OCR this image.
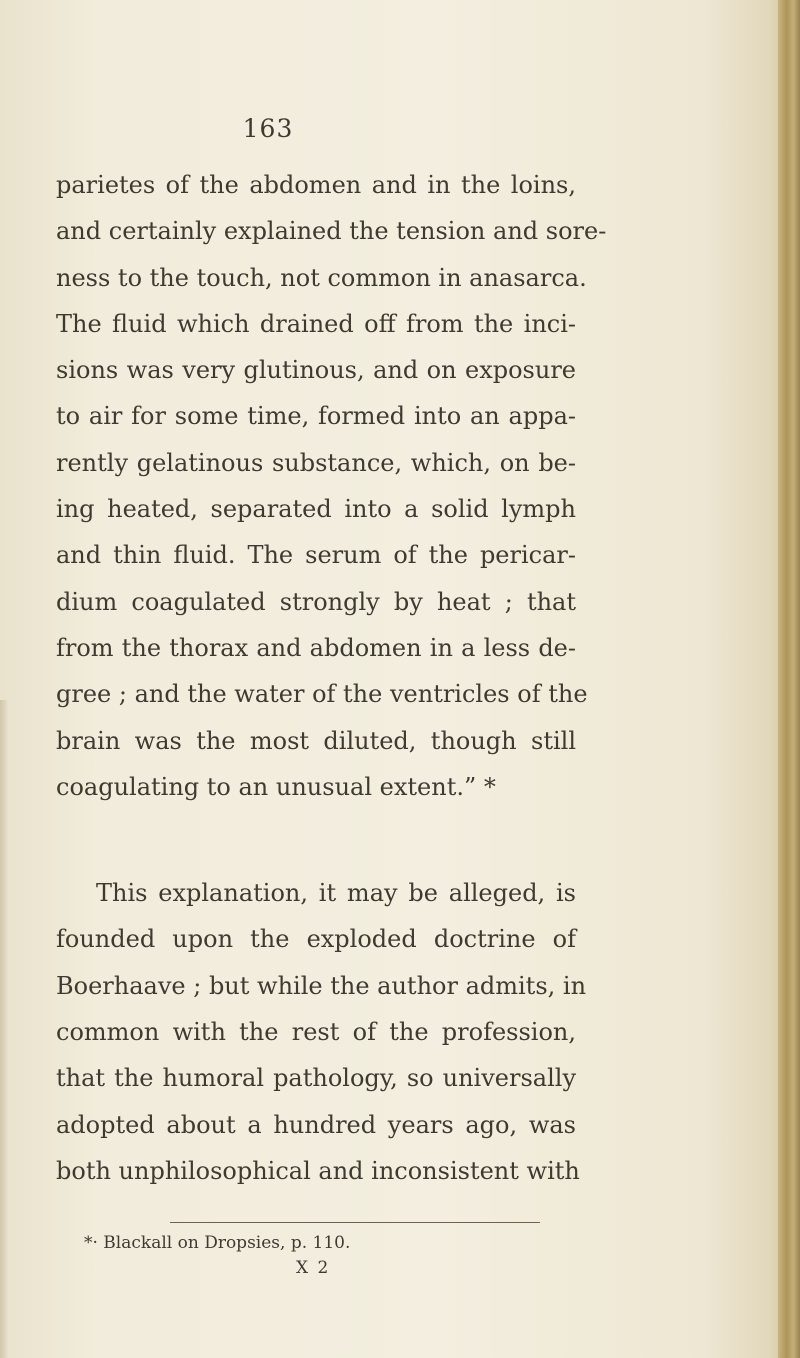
163
parietes of the abdomen and in the loins,
and certainly explained the tension and sore-
ness to the touch, not common in anasarca.
The fluid which drained off from the inci-
sions was very glutinous, and on exposure
to air for some time, formed into an appa-
rently gelatinous substance, which, on be-
ing heated, separated into a solid lymph
and thin fluid. The serum of the pericar-
dium coagulated strongly by heat ; that
from the thorax and abdomen in a less de-
gree ; and the water of the ventricles of the
brain was the most diluted, though still
coagulating to an unusual extent.” *
This explanation, it may be alleged, is
founded upon the exploded doctrine of
Boerhaave ; but while the author admits, in
common with the rest of the profession,
that the humoral pathology, so universally
adopted about a hundred years ago, was
both unphilosophical and inconsistent with
*· Blackall on Dropsies, p. 110.
X 2
